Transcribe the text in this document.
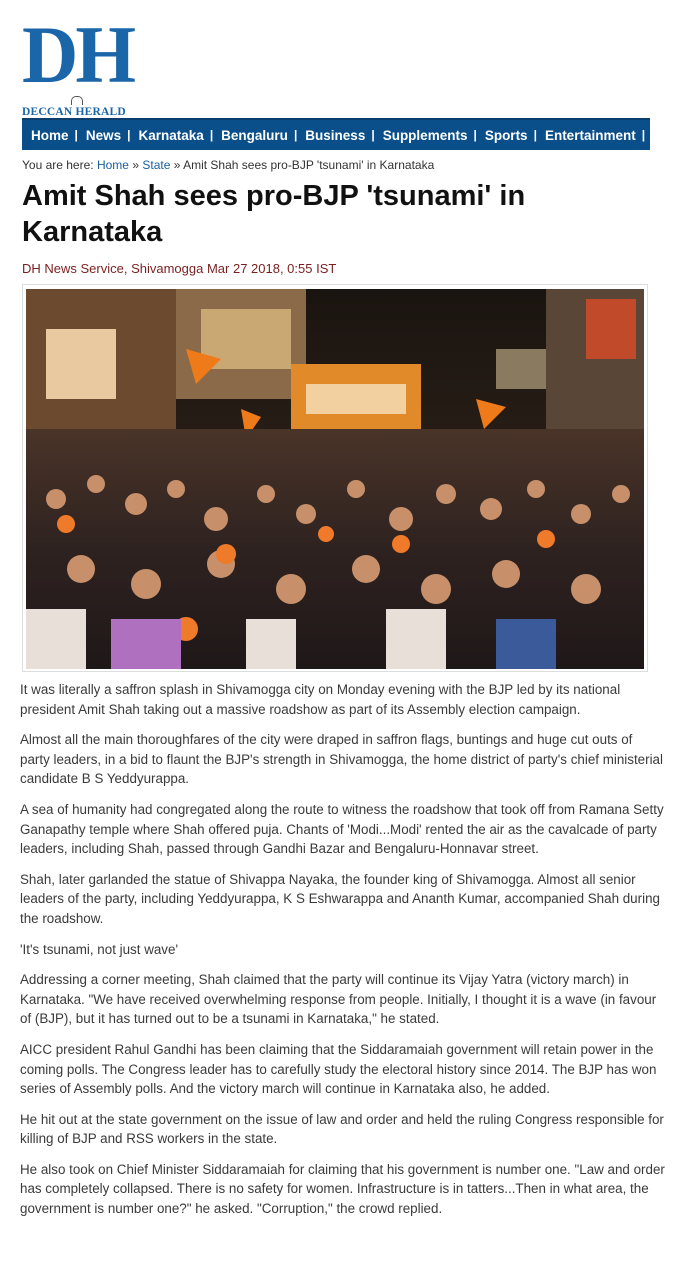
DH
DECCAN HERALD
Home | News | Karnataka | Bengaluru | Business | Supplements | Sports | Entertainment |
You are here: Home » State » Amit Shah sees pro-BJP 'tsunami' in Karnataka
Amit Shah sees pro-BJP 'tsunami' in Karnataka
DH News Service, Shivamogga Mar 27 2018, 0:55 IST

It was literally a saffron splash in Shivamogga city on Monday evening with the BJP led by its national president Amit Shah taking out a massive roadshow as part of its Assembly election campaign.

Almost all the main thoroughfares of the city were draped in saffron flags, buntings and huge cut outs of party leaders, in a bid to flaunt the BJP's strength in Shivamogga, the home district of party's chief ministerial candidate B S Yeddyurappa.

A sea of humanity had congregated along the route to witness the roadshow that took off from Ramana Setty Ganapathy temple where Shah offered puja. Chants of 'Modi...Modi' rented the air as the cavalcade of party leaders, including Shah, passed through Gandhi Bazar and Bengaluru-Honnavar street.

Shah, later garlanded the statue of Shivappa Nayaka, the founder king of Shivamogga. Almost all senior leaders of the party, including Yeddyurappa, K S Eshwarappa and Ananth Kumar, accompanied Shah during the roadshow.

'It's tsunami, not just wave'

Addressing a corner meeting, Shah claimed that the party will continue its Vijay Yatra (victory march) in Karnataka. "We have received overwhelming response from people. Initially, I thought it is a wave (in favour of (BJP), but it has turned out to be a tsunami in Karnataka," he stated.

AICC president Rahul Gandhi has been claiming that the Siddaramaiah government will retain power in the coming polls. The Congress leader has to carefully study the electoral history since 2014. The BJP has won series of Assembly polls. And the victory march will continue in Karnataka also, he added.

He hit out at the state government on the issue of law and order and held the ruling Congress responsible for killing of BJP and RSS workers in the state.

He also took on Chief Minister Siddaramaiah for claiming that his government is number one. "Law and order has completely collapsed. There is no safety for women. Infrastructure is in tatters...Then in what area, the government is number one?" he asked. "Corruption," the crowd replied.
